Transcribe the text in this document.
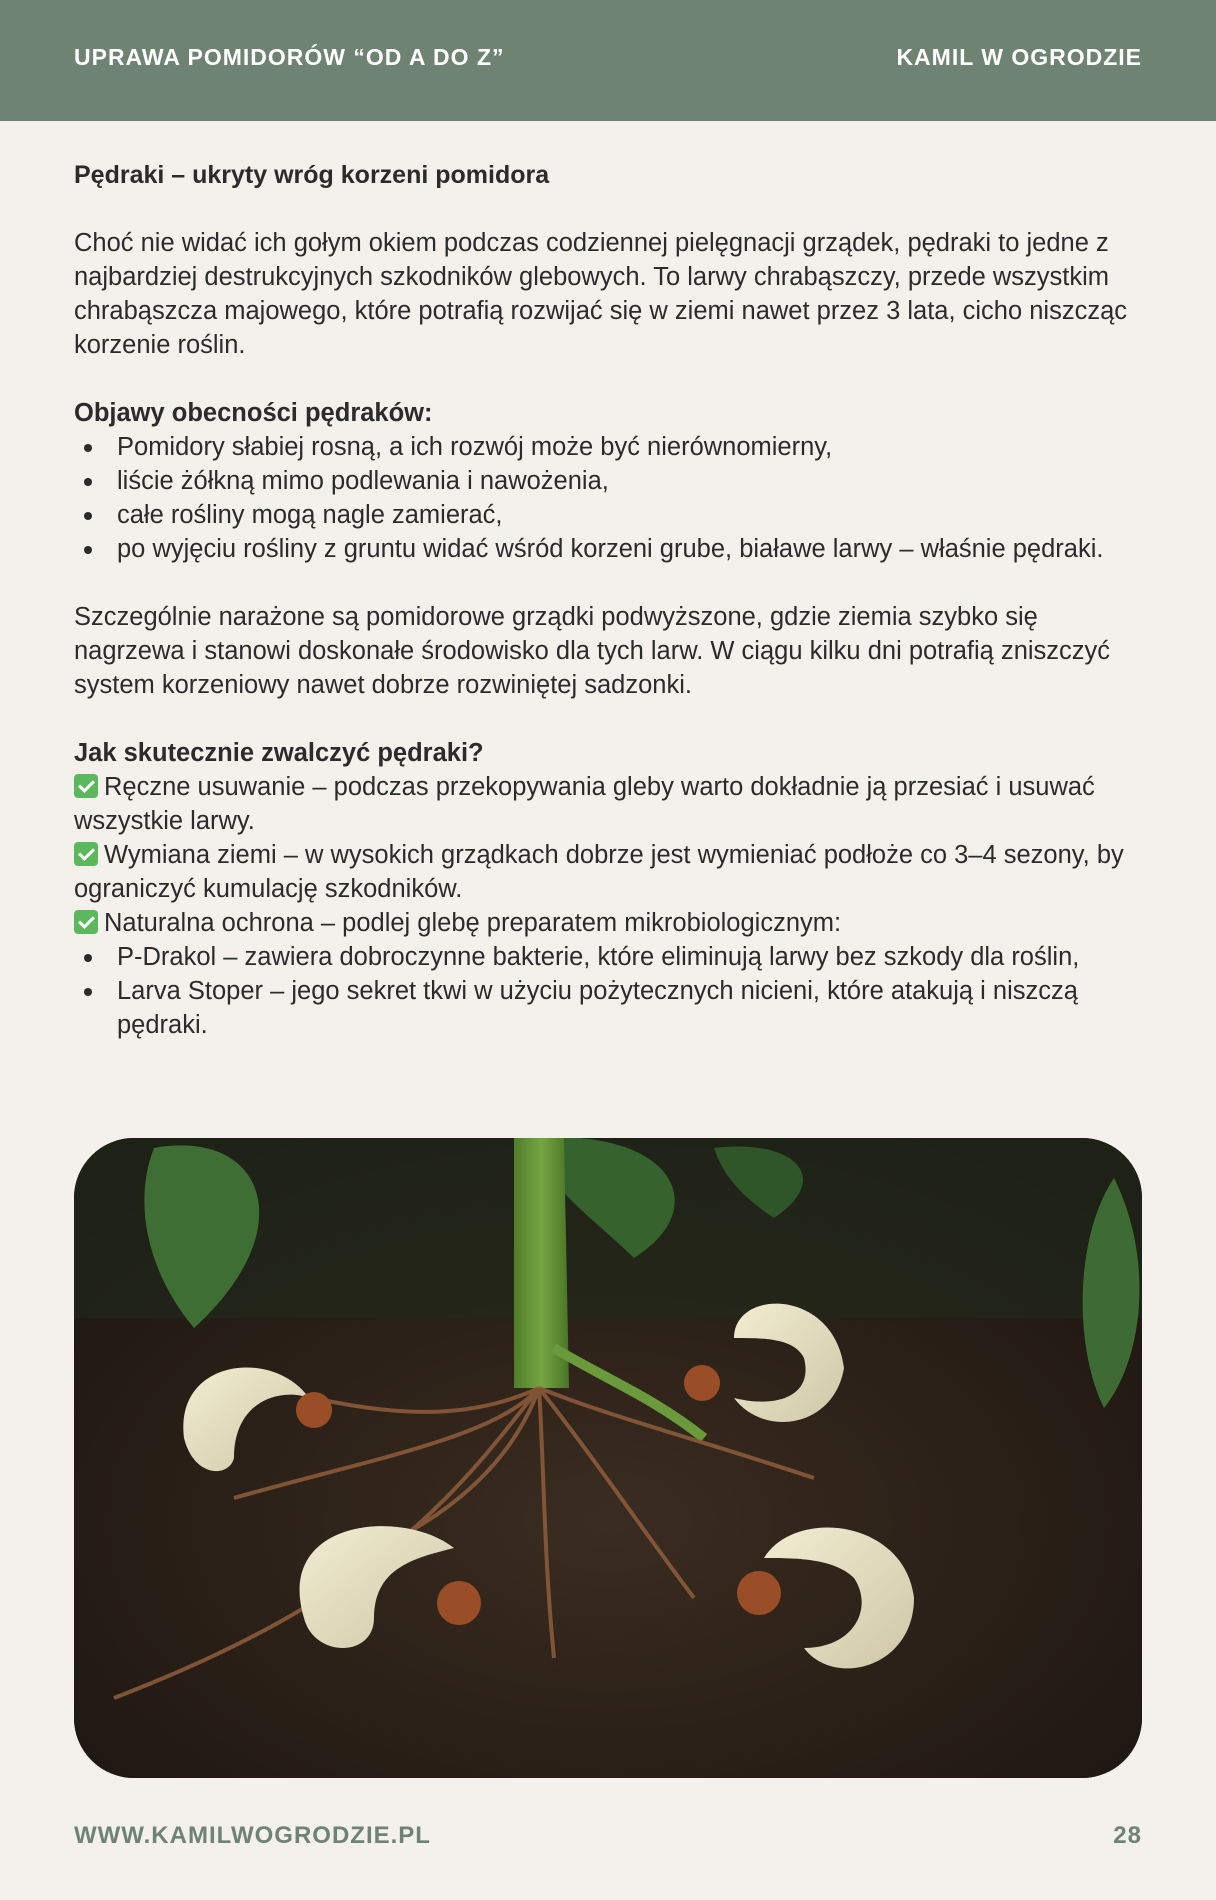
UPRAWA POMIDORÓW “OD A DO Z”	KAMIL W OGRODZIE

Pędraki – ukryty wróg korzeni pomidora

Choć nie widać ich gołym okiem podczas codziennej pielęgnacji grządek, pędraki to jedne z najbardziej destrukcyjnych szkodników glebowych. To larwy chrabąszczy, przede wszystkim chrabąszcza majowego, które potrafią rozwijać się w ziemi nawet przez 3 lata, cicho niszcząc korzenie roślin.

Objawy obecności pędraków:

Pomidory słabiej rosną, a ich rozwój może być nierównomierny,
liście żółkną mimo podlewania i nawożenia,
całe rośliny mogą nagle zamierać,
po wyjęciu rośliny z gruntu widać wśród korzeni grube, białawe larwy – właśnie pędraki.

Szczególnie narażone są pomidorowe grządki podwyższone, gdzie ziemia szybko się nagrzewa i stanowi doskonałe środowisko dla tych larw. W ciągu kilku dni potrafią zniszczyć system korzeniowy nawet dobrze rozwiniętej sadzonki.

Jak skutecznie zwalczyć pędraki?

Ręczne usuwanie – podczas przekopywania gleby warto dokładnie ją przesiać i usuwać wszystkie larwy.

Wymiana ziemi – w wysokich grządkach dobrze jest wymieniać podłoże co 3–4 sezony, by ograniczyć kumulację szkodników.

Naturalna ochrona – podlej glebę preparatem mikrobiologicznym:

P-Drakol – zawiera dobroczynne bakterie, które eliminują larwy bez szkody dla roślin,
Larva Stoper – jego sekret tkwi w użyciu pożytecznych nicieni, które atakują i niszczą pędraki.
WWW.KAMILWOGRODZIE.PL	28
